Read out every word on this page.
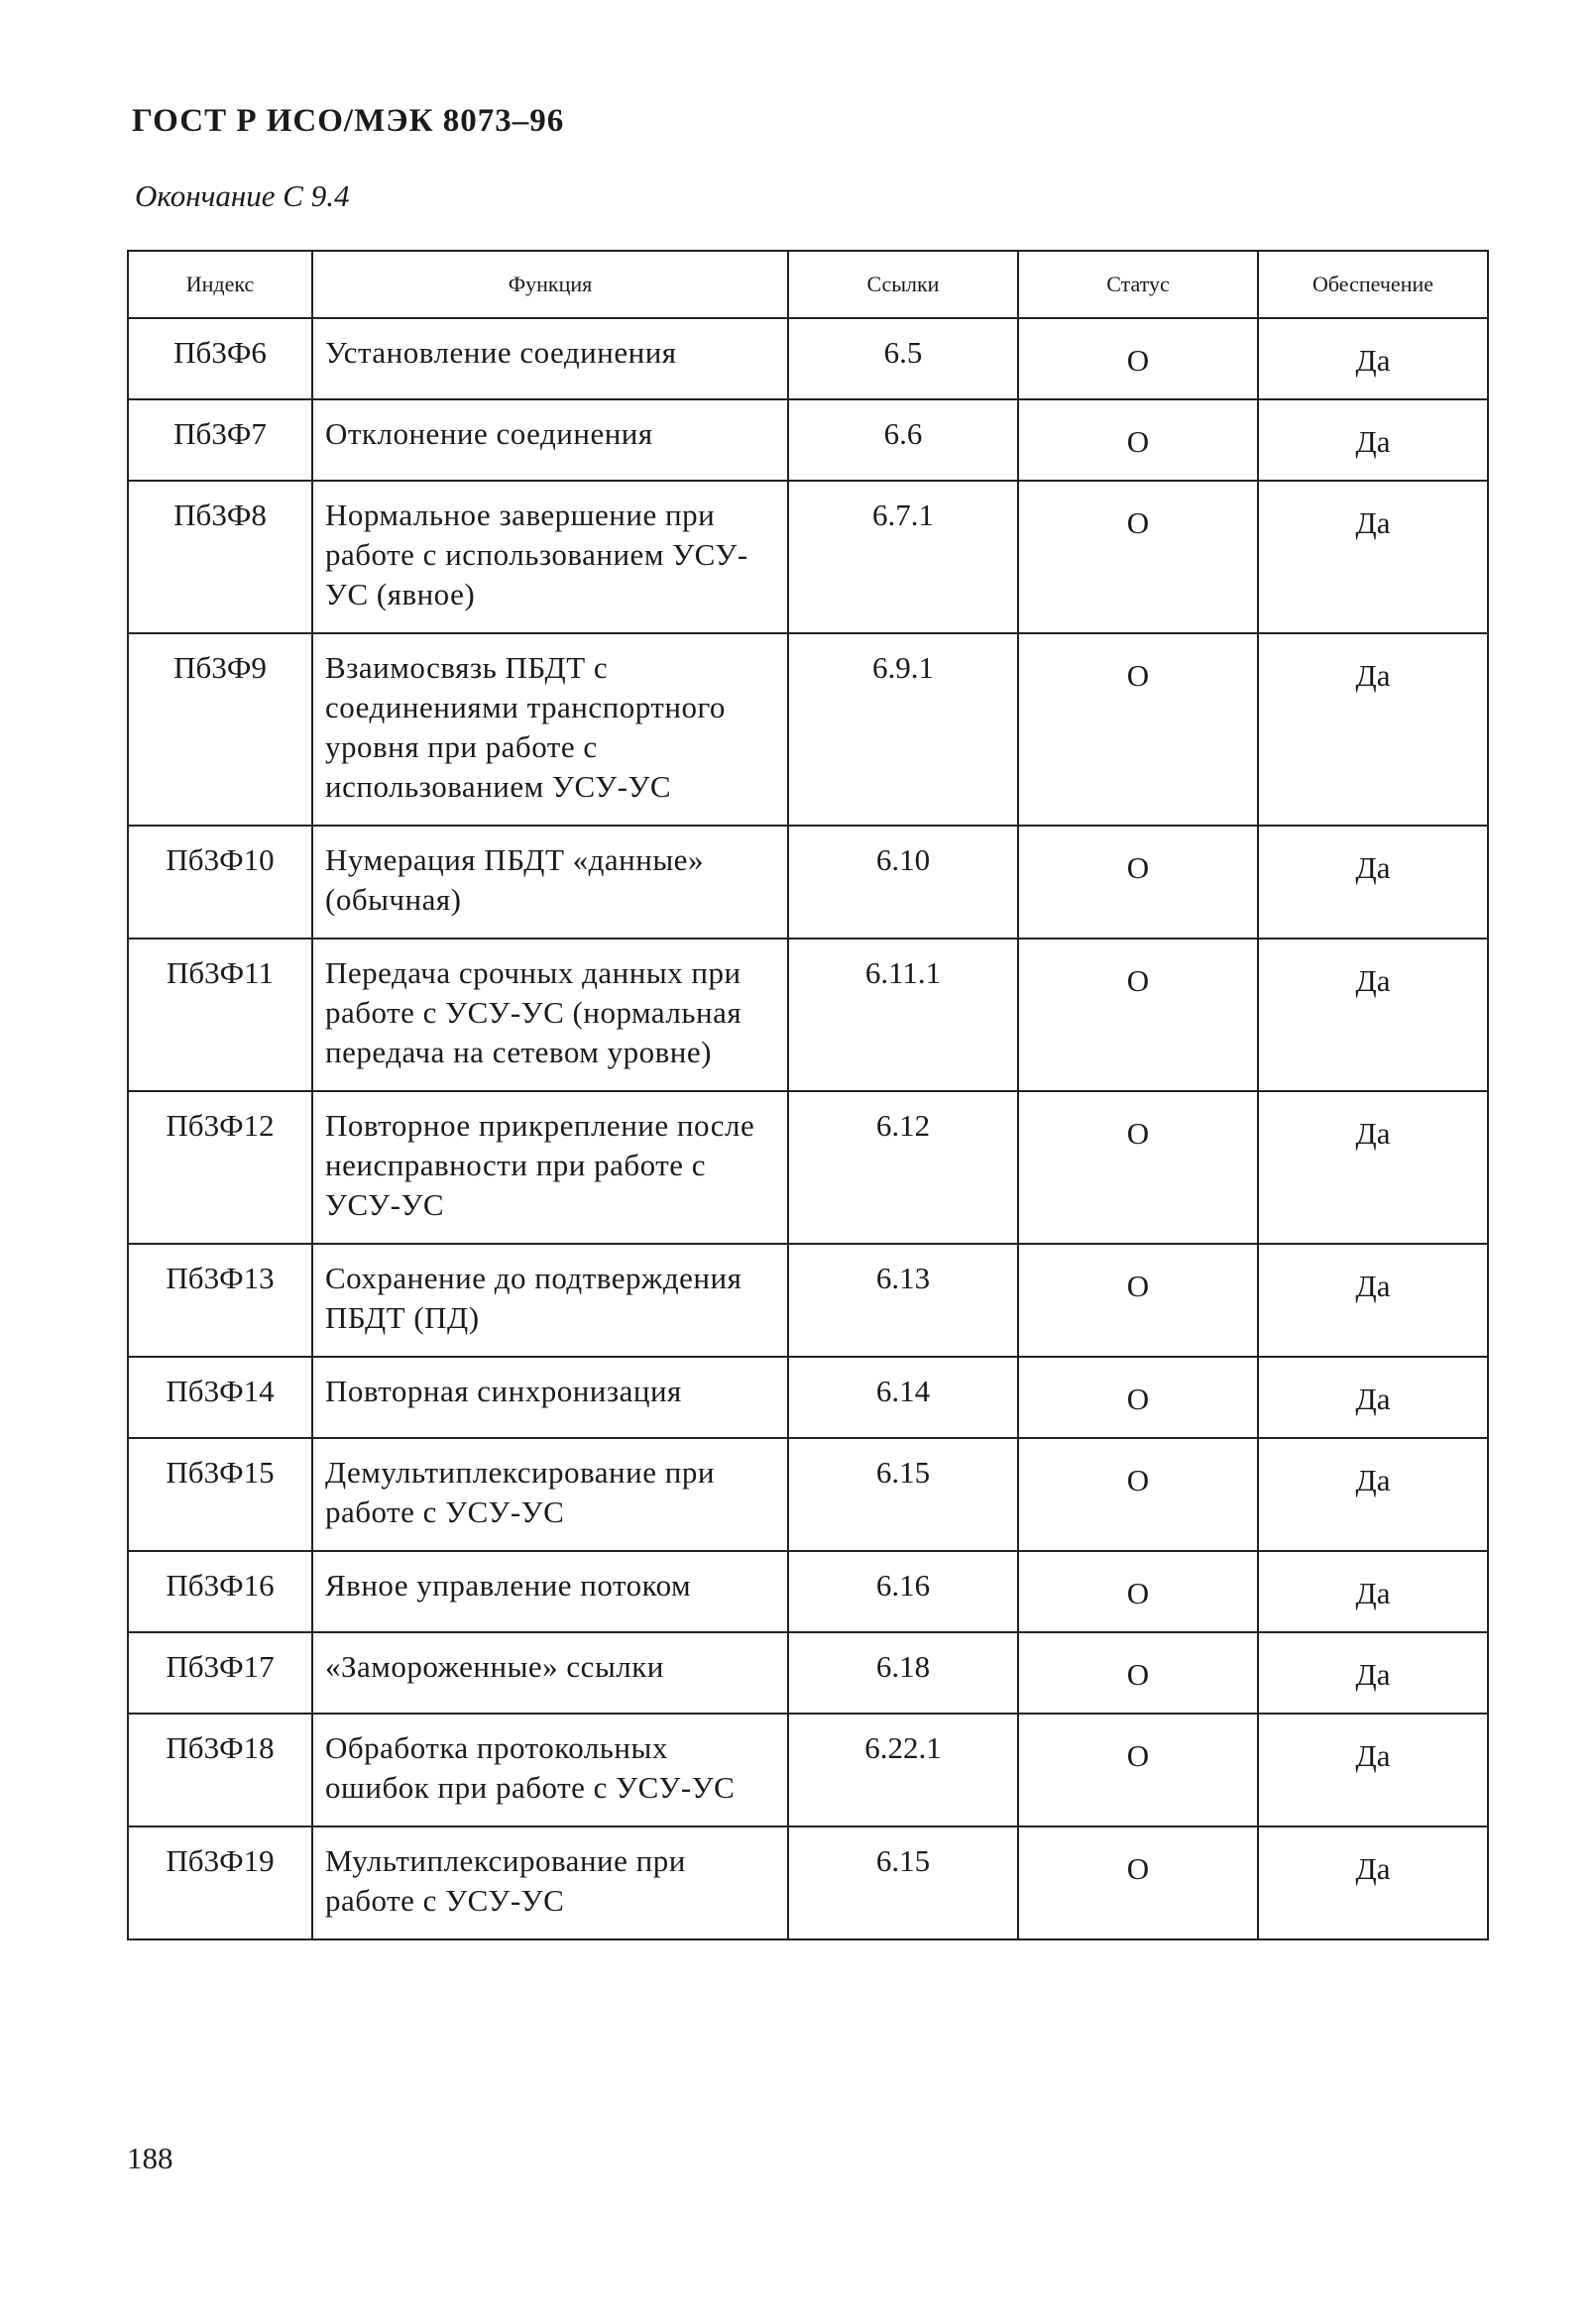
ГОСТ Р ИСО/МЭК 8073–96
Окончание С 9.4
Индекс	Функция	Ссылки	Статус	Обеспечение
Пб3Ф6	Установление соединения	6.5	О	Да
Пб3Ф7	Отклонение соединения	6.6	О	Да
Пб3Ф8	Нормальное завершение при работе с использованием УСУ-УС (явное)	6.7.1	О	Да
Пб3Ф9	Взаимосвязь ПБДТ с соединениями транспортного уровня при работе с использованием УСУ-УС	6.9.1	О	Да
Пб3Ф10	Нумерация ПБДТ «данные» (обычная)	6.10	О	Да
Пб3Ф11	Передача срочных данных при работе с УСУ-УС (нормальная передача на сетевом уровне)	6.11.1	О	Да
Пб3Ф12	Повторное прикрепление после неисправности при работе с УСУ-УС	6.12	О	Да
Пб3Ф13	Сохранение до подтверждения ПБДТ (ПД)	6.13	О	Да
Пб3Ф14	Повторная синхронизация	6.14	О	Да
Пб3Ф15	Демультиплексирование при работе с УСУ-УС	6.15	О	Да
Пб3Ф16	Явное управление потоком	6.16	О	Да
Пб3Ф17	«Замороженные» ссылки	6.18	О	Да
Пб3Ф18	Обработка протокольных ошибок при работе с УСУ-УС	6.22.1	О	Да
Пб3Ф19	Мультиплексирование при работе с УСУ-УС	6.15	О	Да
188
